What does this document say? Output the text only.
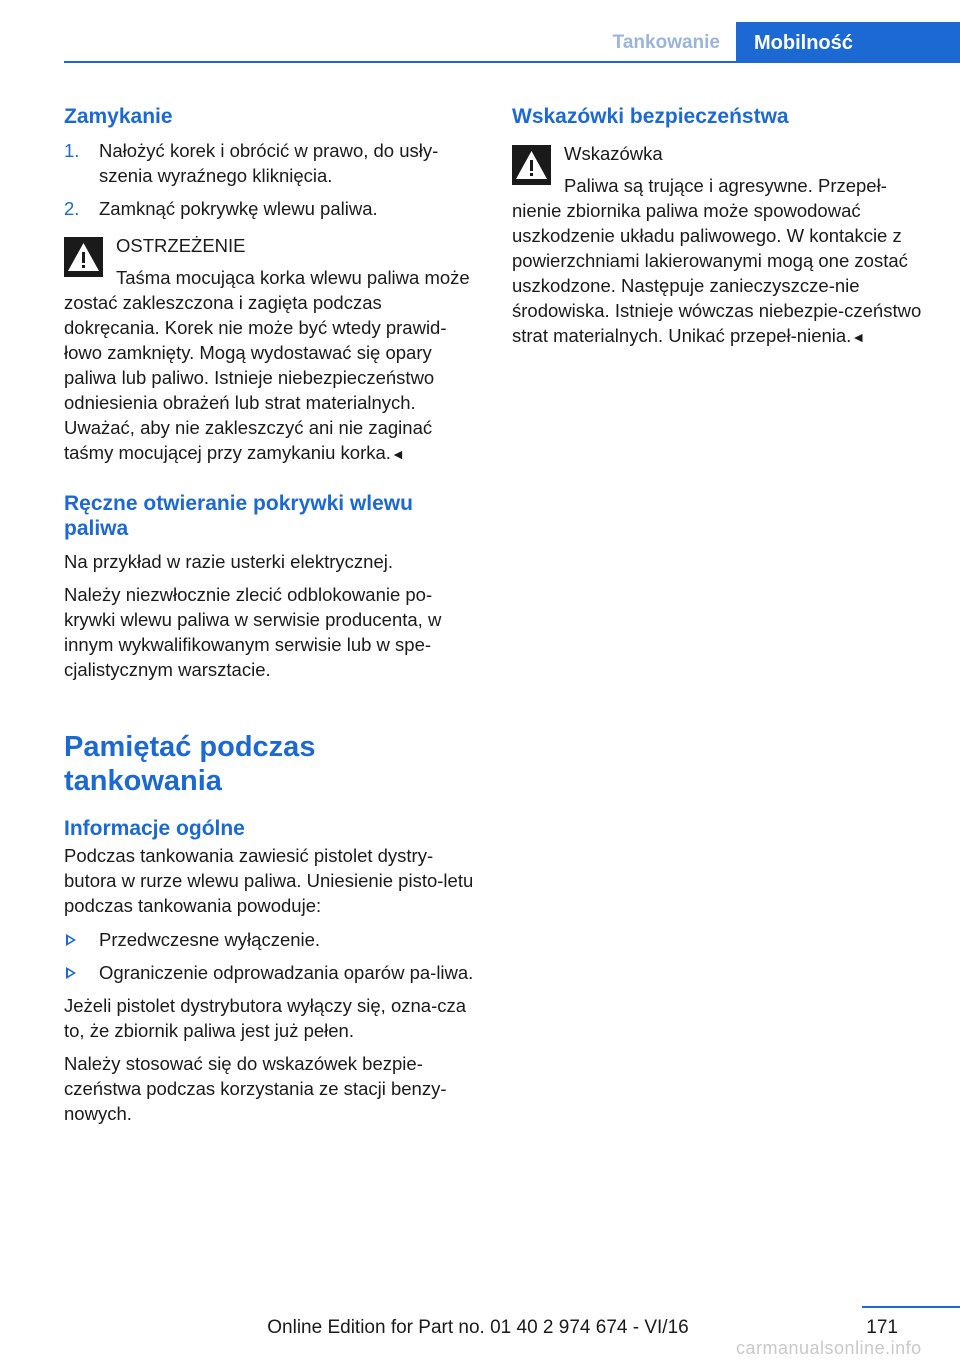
Tankowanie	Mobilność
Zamykanie
1. Nałożyć korek i obrócić w prawo, do usły-szenia wyraźnego kliknięcia.
2. Zamknąć pokrywkę wlewu paliwa.

OSTRZEŻENIE

Taśma mocująca korka wlewu paliwa może zostać zakleszczona i zagięta podczas dokręcania. Korek nie może być wtedy prawid-łowo zamknięty. Mogą wydostawać się opary paliwa lub paliwo. Istnieje niebezpieczeństwo odniesienia obrażeń lub strat materialnych. Uważać, aby nie zakleszczyć ani nie zaginać taśmy mocującej przy zamykaniu korka.◄

Ręczne otwieranie pokrywki wlewu paliwa

Na przykład w razie usterki elektrycznej.

Należy niezwłocznie zlecić odblokowanie po-krywki wlewu paliwa w serwisie producenta, w innym wykwalifikowanym serwisie lub w spe-cjalistycznym warsztacie.

Pamiętać podczas tankowania
Informacje ogólne

Podczas tankowania zawiesić pistolet dystry-butora w rurze wlewu paliwa. Uniesienie pisto-letu podczas tankowania powoduje:

Przedwczesne wyłączenie.
Ograniczenie odprowadzania oparów pa-liwa.

Jeżeli pistolet dystrybutora wyłączy się, ozna-cza to, że zbiornik paliwa jest już pełen.

Należy stosować się do wskazówek bezpie-czeństwa podczas korzystania ze stacji benzy-nowych.

Wskazówki bezpieczeństwa

Wskazówka

Paliwa są trujące i agresywne. Przepeł-nienie zbiornika paliwa może spowodować uszkodzenie układu paliwowego. W kontakcie z powierzchniami lakierowanymi mogą one zostać uszkodzone. Następuje zanieczyszcze-nie środowiska. Istnieje wówczas niebezpie-czeństwo strat materialnych. Unikać przepeł-nienia.◄

171
Online Edition for Part no. 01 40 2 974 674 - VI/16
carmanualsonline.info
